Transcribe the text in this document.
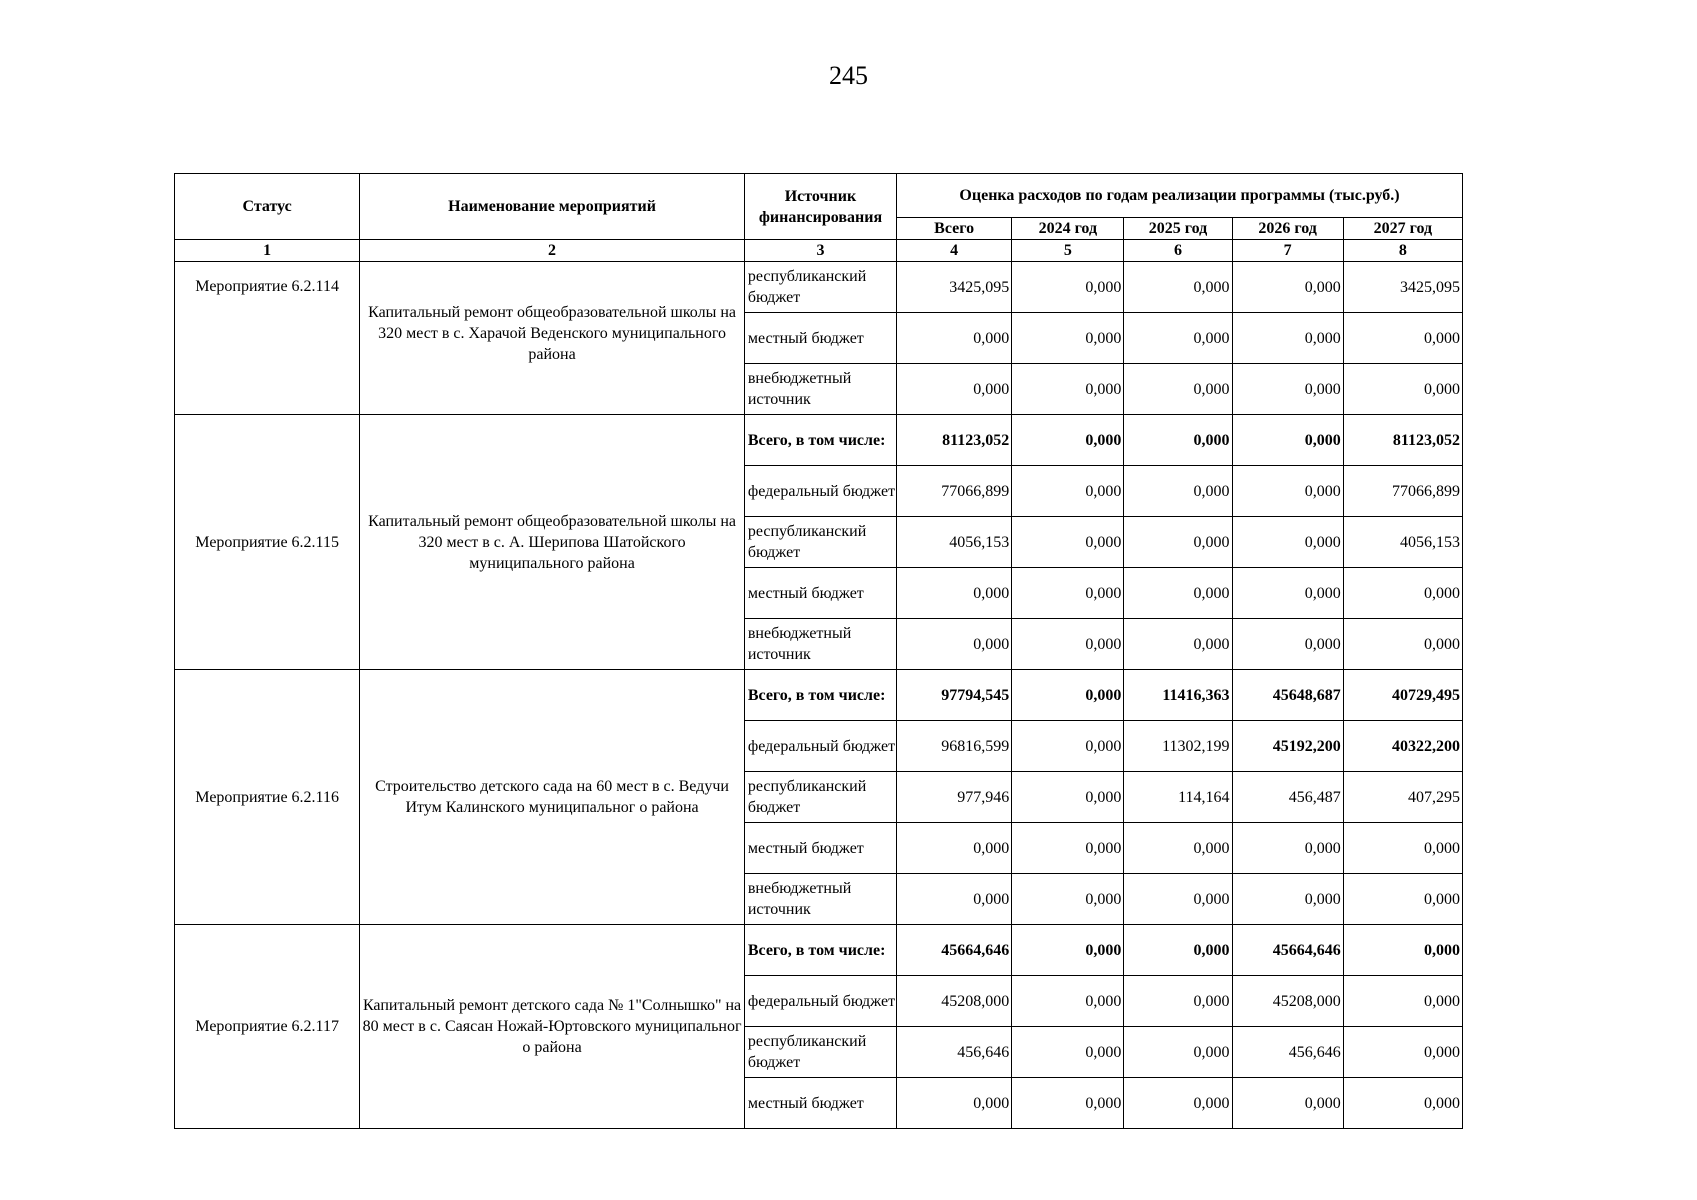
245
Статус	Наименование мероприятий	Источник финансирования	Оценка расходов по годам реализации программы (тыс.руб.)				
			Всего	2024 год	2025 год	2026 год	2027 год
1	2	3	4	5	6	7	8
Мероприятие 6.2.114	Капитальный ремонт общеобразовательной школы на 320 мест в с. Харачой Веденского муниципального района	республиканский бюджет	3425,095	0,000	0,000	0,000	3425,095
		местный бюджет	0,000	0,000	0,000	0,000	0,000
		внебюджетный источник	0,000	0,000	0,000	0,000	0,000
Мероприятие 6.2.115	Капитальный ремонт общеобразовательной школы на 320 мест в с. А. Шерипова Шатойского муниципального района	Всего, в том числе:	81123,052	0,000	0,000	0,000	81123,052
		федеральный бюджет	77066,899	0,000	0,000	0,000	77066,899
		республиканский бюджет	4056,153	0,000	0,000	0,000	4056,153
		местный бюджет	0,000	0,000	0,000	0,000	0,000
		внебюджетный источник	0,000	0,000	0,000	0,000	0,000
Мероприятие 6.2.116	Строительство детского сада на 60 мест в с. Ведучи Итум Калинского муниципальног о района	Всего, в том числе:	97794,545	0,000	11416,363	45648,687	40729,495
		федеральный бюджет	96816,599	0,000	11302,199	45192,200	40322,200
		республиканский бюджет	977,946	0,000	114,164	456,487	407,295
		местный бюджет	0,000	0,000	0,000	0,000	0,000
		внебюджетный источник	0,000	0,000	0,000	0,000	0,000
Мероприятие 6.2.117	Капитальный ремонт детского сада № 1"Солнышко" на 80 мест в с. Саясан Ножай-Юртовского муниципальног о района	Всего, в том числе:	45664,646	0,000	0,000	45664,646	0,000
		федеральный бюджет	45208,000	0,000	0,000	45208,000	0,000
		республиканский бюджет	456,646	0,000	0,000	456,646	0,000
		местный бюджет	0,000	0,000	0,000	0,000	0,000
